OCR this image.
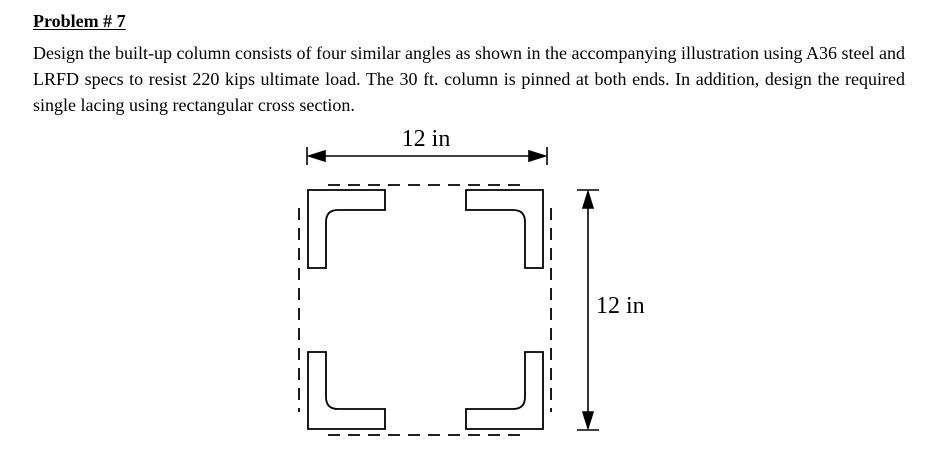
Problem # 7

Design the built-up column consists of four similar angles as shown in the accompanying illustration using A36 steel and LRFD specs to resist 220 kips ultimate load. The 30 ft. column is pinned at both ends. In addition, design the required single lacing using rectangular cross section.

12 in
12 in
